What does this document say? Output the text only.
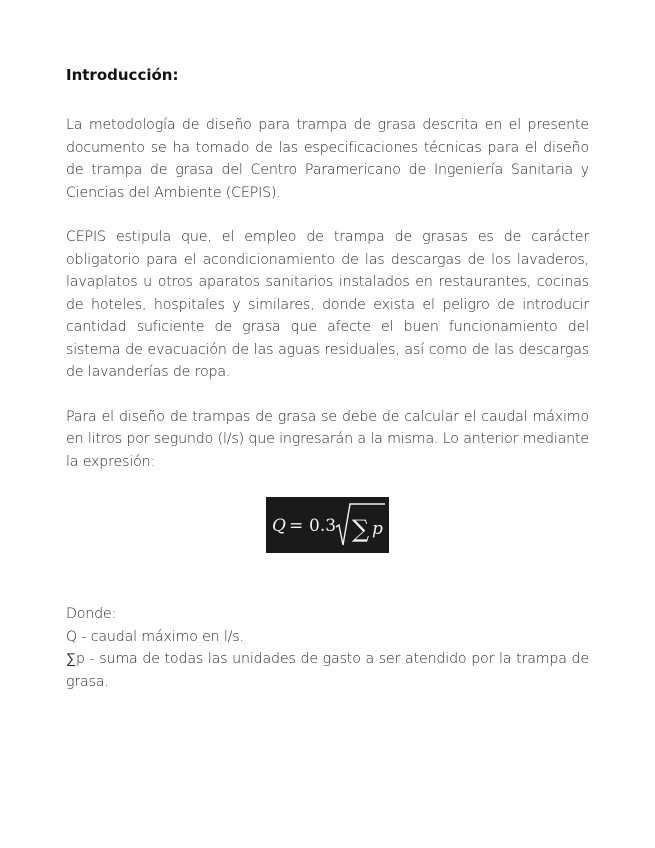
Introducción:

La metodología de diseño para trampa de grasa descrita en el presente documento se ha tomado de las especificaciones técnicas para el diseño de trampa de grasa del Centro Paramericano de Ingeniería Sanitaria y Ciencias del Ambiente (CEPIS).

CEPIS estipula que, el empleo de trampa de grasas es de carácter obligatorio para el acondicionamiento de las descargas de los lavaderos, lavaplatos u otros aparatos sanitarios instalados en restaurantes, cocinas de hoteles, hospitales y similares, donde exista el peligro de introducir cantidad suficiente de grasa que afecte el buen funcionamiento del sistema de evacuación de las aguas residuales, así como de las descargas de lavanderías de ropa.

Para el diseño de trampas de grasa se debe de calcular el caudal máximo en litros por segundo (l/s) que ingresarán a la misma. Lo anterior mediante la expresión:

Q = 0.3 ∑ p
Donde:
Q - caudal máximo en l/s.
∑p - suma de todas las unidades de gasto a ser atendido por la trampa de grasa.
